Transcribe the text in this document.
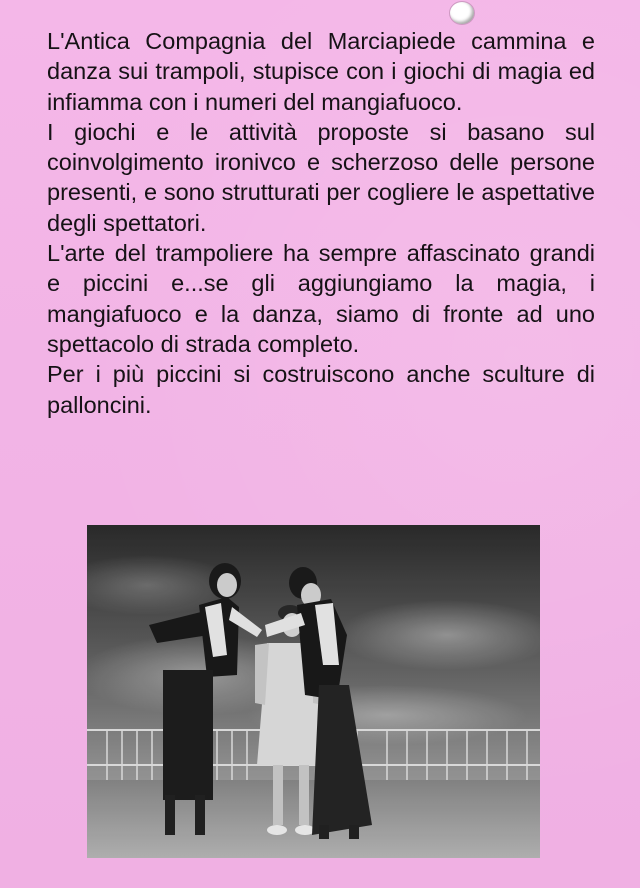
L'Antica Compagnia del Marciapiede cammina e danza sui trampoli, stupisce con i giochi di magia ed infiamma con i numeri del mangiafuoco.

I giochi e le attività proposte si basano sul coinvolgimento ironivco e scherzoso delle persone presenti, e sono strutturati per cogliere le aspettative degli spettatori.

L'arte del trampoliere ha sempre affascinato grandi e piccini e...se gli aggiungiamo la magia, i mangiafuoco e la danza, siamo di fronte ad uno spettacolo di strada completo.

Per i più piccini si costruiscono anche sculture di palloncini.
